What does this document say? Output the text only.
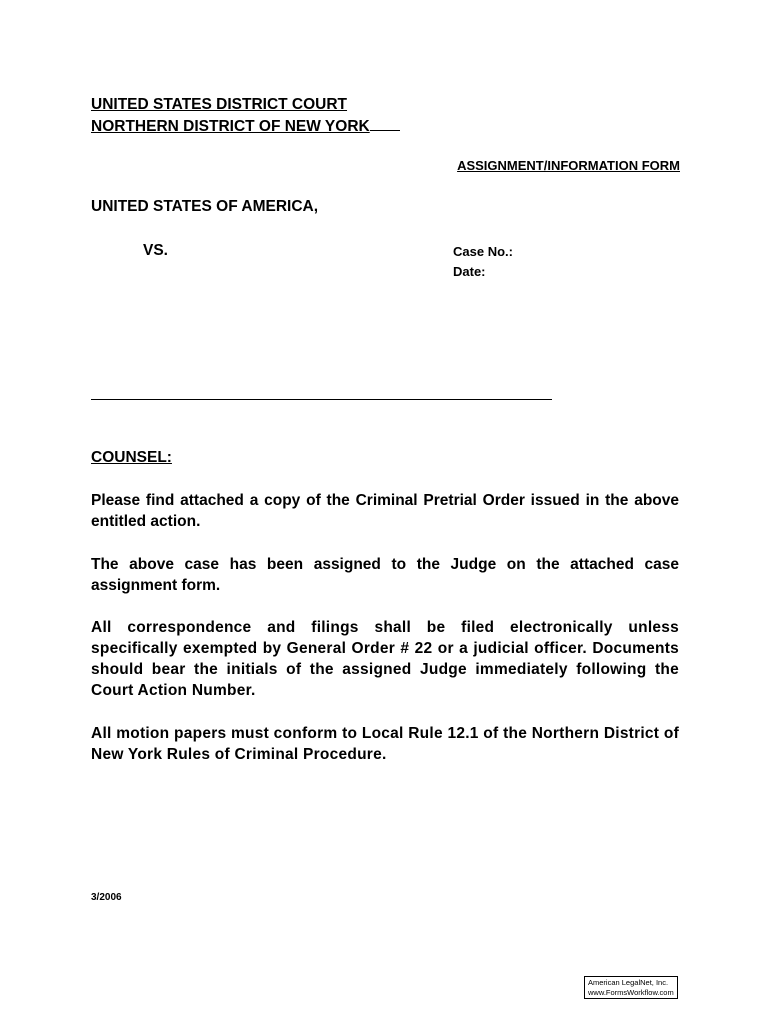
UNITED STATES DISTRICT COURT
NORTHERN DISTRICT OF NEW YORK
ASSIGNMENT/INFORMATION FORM
UNITED STATES OF AMERICA,
VS.	Case No.:
Date:
COUNSEL:

Please find attached a copy of the Criminal Pretrial Order issued in the above entitled action.

The above case has been assigned to the Judge on the attached case assignment form.

All correspondence and filings shall be filed electronically unless specifically exempted by General Order # 22 or a judicial officer. Documents should bear the initials of the assigned Judge immediately following the Court Action Number.

All motion papers must conform to Local Rule 12.1 of the Northern District of New York Rules of Criminal Procedure.

3/2006
American LegalNet, Inc.
www.FormsWorkflow.com
